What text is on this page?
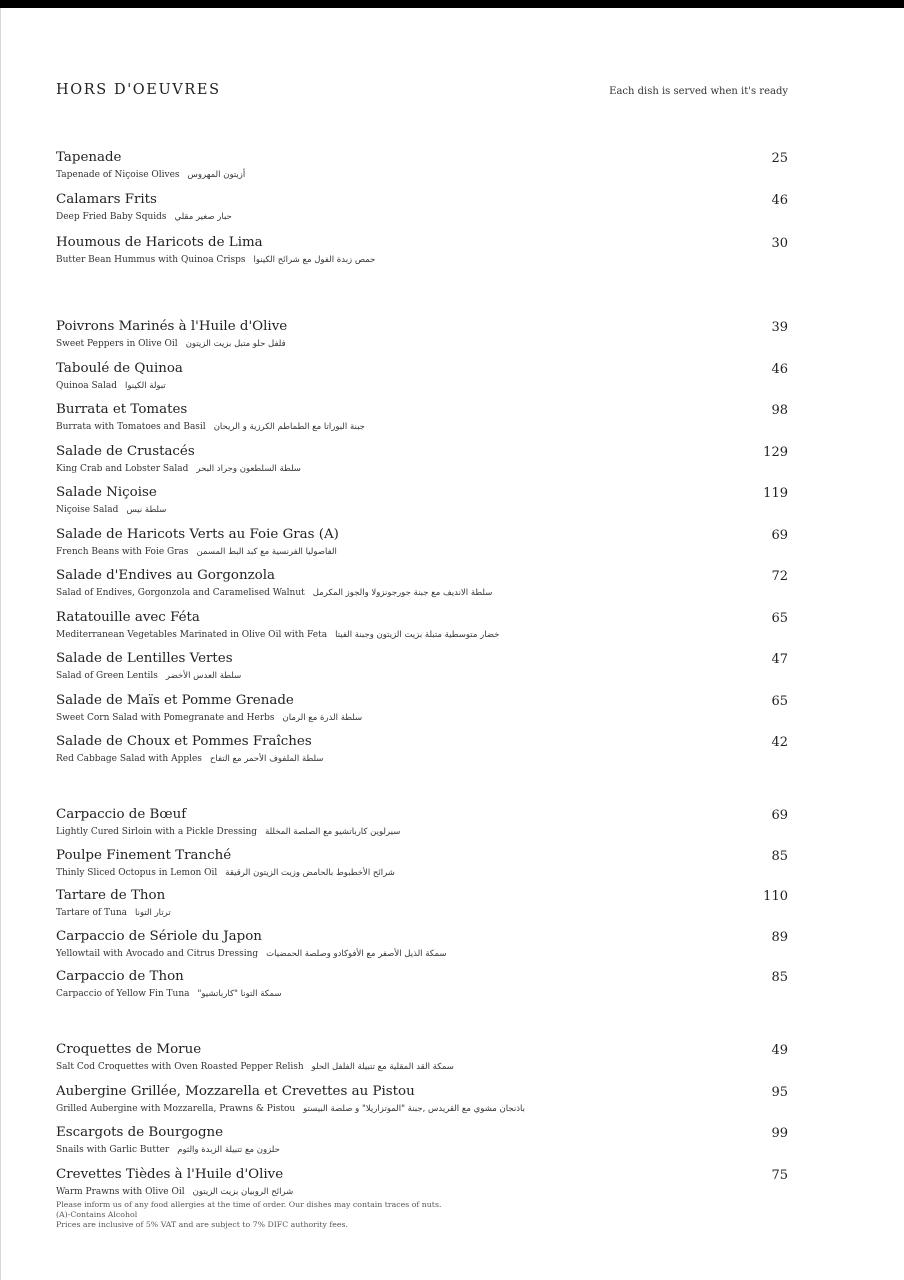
HORS D'OEUVRES	Each dish is served when it's ready
Tapenade
Tapenade of Niçoise Olives أزيتون المهروس
25
Calamars Frits
Deep Fried Baby Squids حبار صغير مقلي
46
Houmous de Haricots de Lima
Butter Bean Hummus with Quinoa Crisps حمص زبدة الفول مع شرائح الكينوا
30
Poivrons Marinés à l'Huile d'Olive
Sweet Peppers in Olive Oil فلفل حلو متبل بزيت الزيتون
39
Taboulé de Quinoa
Quinoa Salad تبولة الكينوا
46
Burrata et Tomates
Burrata with Tomatoes and Basil جبنة البوراتا مع الطماطم الكرزية و الريحان
98
Salade de Crustacés
King Crab and Lobster Salad سلطة السلطعون وجراد البحر
129
Salade Niçoise
Niçoise Salad سلطة نيس
119
Salade de Haricots Verts au Foie Gras (A)
French Beans with Foie Gras الفاصوليا الفرنسية مع كبد البط المسمن
69
Salade d'Endives au Gorgonzola
Salad of Endives, Gorgonzola and Caramelised Walnut سلطة الانديف مع جبنة جورجونزولا والجوز المكرمل
72
Ratatouille avec Féta
Mediterranean Vegetables Marinated in Olive Oil with Feta خضار متوسطية متبلة بزيت الزيتون وجبنة الفيتا
65
Salade de Lentilles Vertes
Salad of Green Lentils سلطة العدس الأخضر
47
Salade de Maïs et Pomme Grenade
Sweet Corn Salad with Pomegranate and Herbs سلطة الذرة مع الرمان
65
Salade de Choux et Pommes Fraîches
Red Cabbage Salad with Apples سلطة الملفوف الأحمر مع التفاح
42
Carpaccio de Bœuf
Lightly Cured Sirloin with a Pickle Dressing سيرلوين كارباتشيو مع الصلصة المخللة
69
Poulpe Finement Tranché
Thinly Sliced Octopus in Lemon Oil شرائح الأخطبوط بالحامض وزيت الزيتون الرقيقة
85
Tartare de Thon
Tartare of Tuna ترتار التونا
110
Carpaccio de Sériole du Japon
Yellowtail with Avocado and Citrus Dressing سمكة الذيل الأصفر مع الأفوكادو وصلصة الحمضيات
89
Carpaccio de Thon
Carpaccio of Yellow Fin Tuna سمكة التونا "كارباتشيو"
85
Croquettes de Morue
Salt Cod Croquettes with Oven Roasted Pepper Relish سمكة القد المقلية مع تتبيلة الفلفل الحلو
49
Aubergine Grillée, Mozzarella et Crevettes au Pistou
Grilled Aubergine with Mozzarella, Prawns & Pistou باذنجان مشوي مع القريدس ,جبنة "الموتزاريلا" و صلصة البيستو
95
Escargots de Bourgogne
Snails with Garlic Butter حلزون مع تتبيلة الزبدة والثوم
99
Crevettes Tièdes à l'Huile d'Olive
Warm Prawns with Olive Oil شرائح الروبيان بزيت الزيتون
75
Please inform us of any food allergies at the time of order. Our dishes may contain traces of nuts.
(A)-Contains Alcohol
Prices are inclusive of 5% VAT and are subject to 7% DIFC authority fees.
